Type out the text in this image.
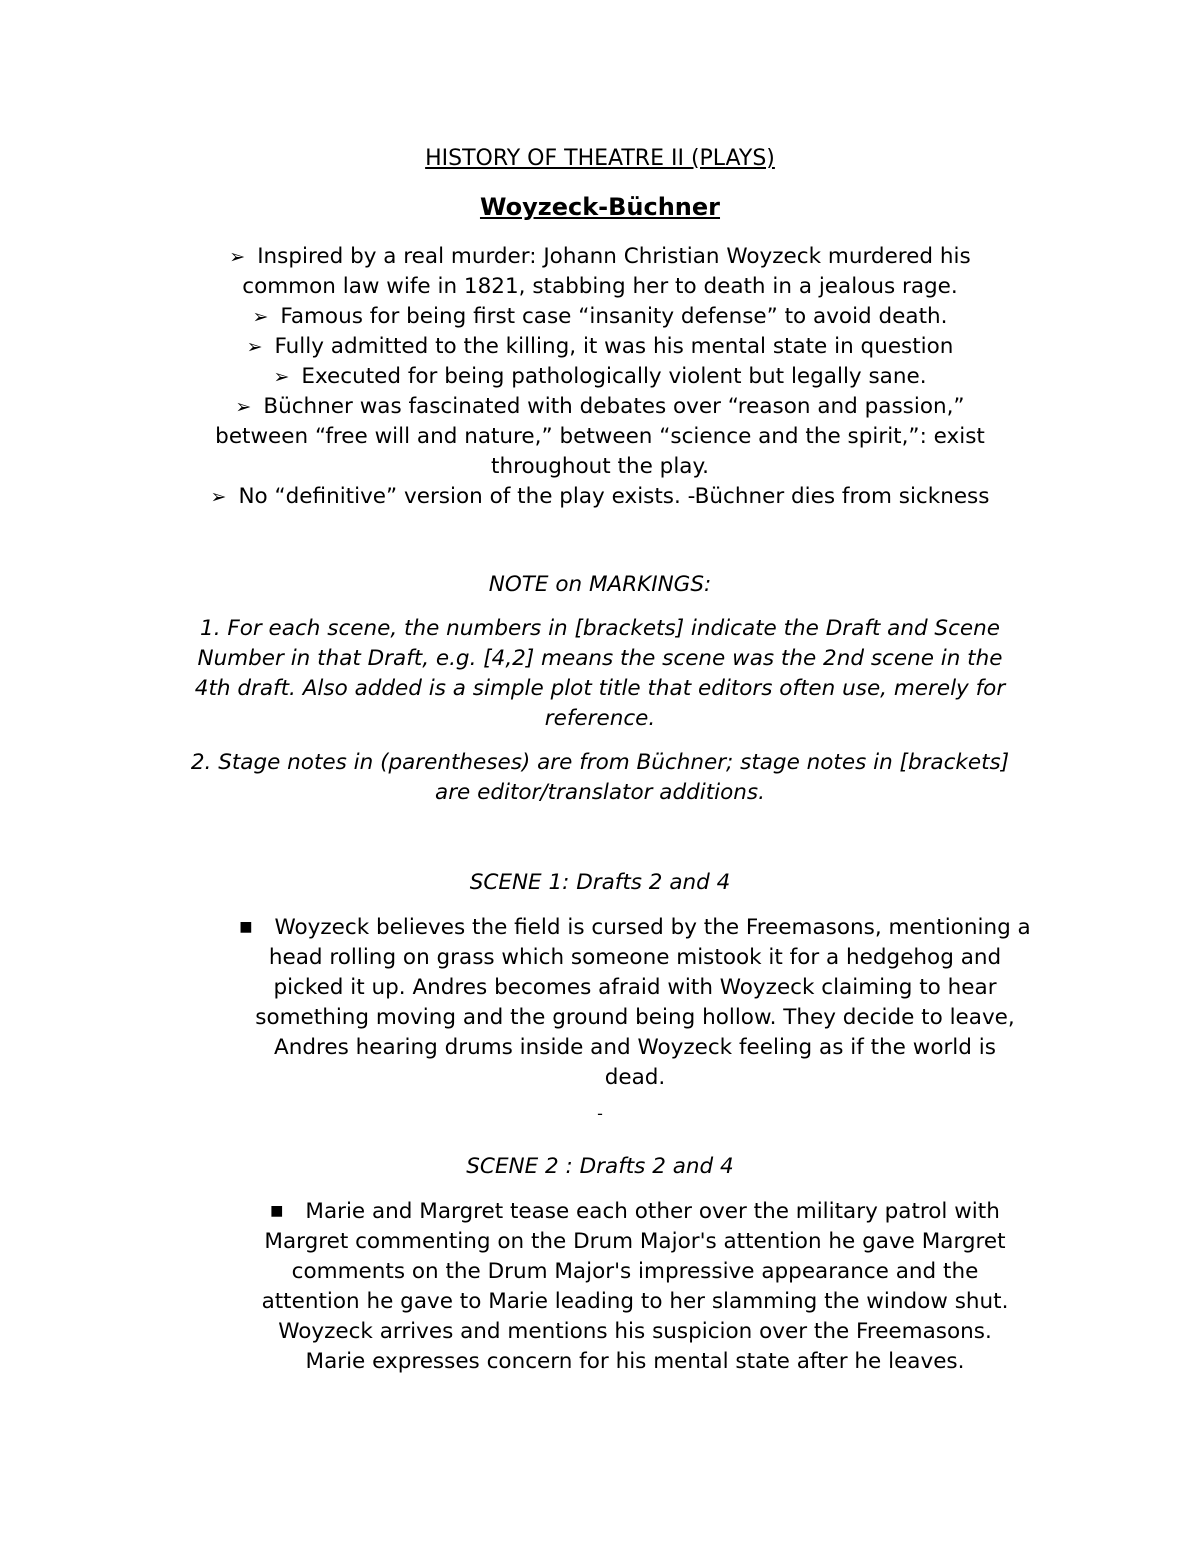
HISTORY OF THEATRE II (PLAYS)
Woyzeck-Büchner
➢ Inspired by a real murder: Johann Christian Woyzeck murdered his
common law wife in 1821, stabbing her to death in a jealous rage.
➢ Famous for being first case “insanity defense” to avoid death.
➢ Fully admitted to the killing, it was his mental state in question
➢ Executed for being pathologically violent but legally sane.
➢ Büchner was fascinated with debates over “reason and passion,”
between “free will and nature,” between “science and the spirit,”: exist
throughout the play.
➢ No “definitive” version of the play exists. -Büchner dies from sickness
NOTE on MARKINGS:
1. For each scene, the numbers in [brackets] indicate the Draft and Scene
Number in that Draft, e.g. [4,2] means the scene was the 2nd scene in the
4th draft. Also added is a simple plot title that editors often use, merely for
reference.
2. Stage notes in (parentheses) are from Büchner; stage notes in [brackets]
are editor/translator additions.
SCENE 1: Drafts 2 and 4
■ Woyzeck believes the field is cursed by the Freemasons, mentioning a
head rolling on grass which someone mistook it for a hedgehog and
picked it up. Andres becomes afraid with Woyzeck claiming to hear
something moving and the ground being hollow. They decide to leave,
Andres hearing drums inside and Woyzeck feeling as if the world is
dead.
-
SCENE 2 : Drafts 2 and 4
■ Marie and Margret tease each other over the military patrol with
Margret commenting on the Drum Major's attention he gave Margret
comments on the Drum Major's impressive appearance and the
attention he gave to Marie leading to her slamming the window shut.
Woyzeck arrives and mentions his suspicion over the Freemasons.
Marie expresses concern for his mental state after he leaves.
